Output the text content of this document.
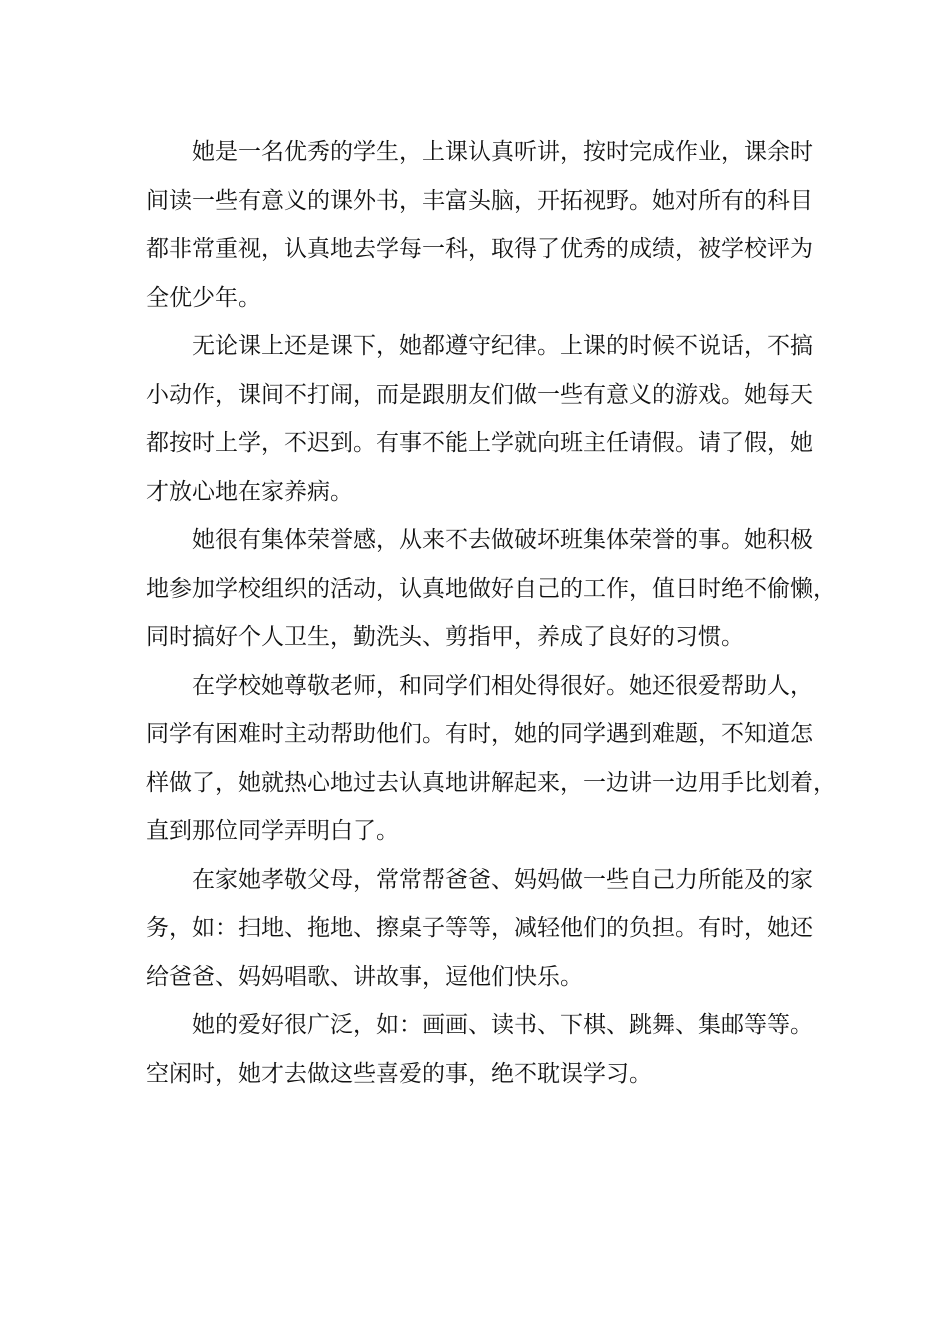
她是一名优秀的学生，上课认真听讲，按时完成作业，课余时
间读一些有意义的课外书，丰富头脑，开拓视野。她对所有的科目
都非常重视，认真地去学每一科，取得了优秀的成绩，被学校评为
全优少年。

无论课上还是课下，她都遵守纪律。上课的时候不说话，不搞
小动作，课间不打闹，而是跟朋友们做一些有意义的游戏。她每天
都按时上学，不迟到。有事不能上学就向班主任请假。请了假，她
才放心地在家养病。

她很有集体荣誉感，从来不去做破坏班集体荣誉的事。她积极
地参加学校组织的活动，认真地做好自己的工作，值日时绝不偷懒，
同时搞好个人卫生，勤洗头、剪指甲，养成了良好的习惯。

在学校她尊敬老师，和同学们相处得很好。她还很爱帮助人，
同学有困难时主动帮助他们。有时，她的同学遇到难题，不知道怎
样做了，她就热心地过去认真地讲解起来，一边讲一边用手比划着，
直到那位同学弄明白了。

在家她孝敬父母，常常帮爸爸、妈妈做一些自己力所能及的家
务，如：扫地、拖地、擦桌子等等，减轻他们的负担。有时，她还
给爸爸、妈妈唱歌、讲故事，逗他们快乐。

她的爱好很广泛，如：画画、读书、下棋、跳舞、集邮等等。
空闲时，她才去做这些喜爱的事，绝不耽误学习。
